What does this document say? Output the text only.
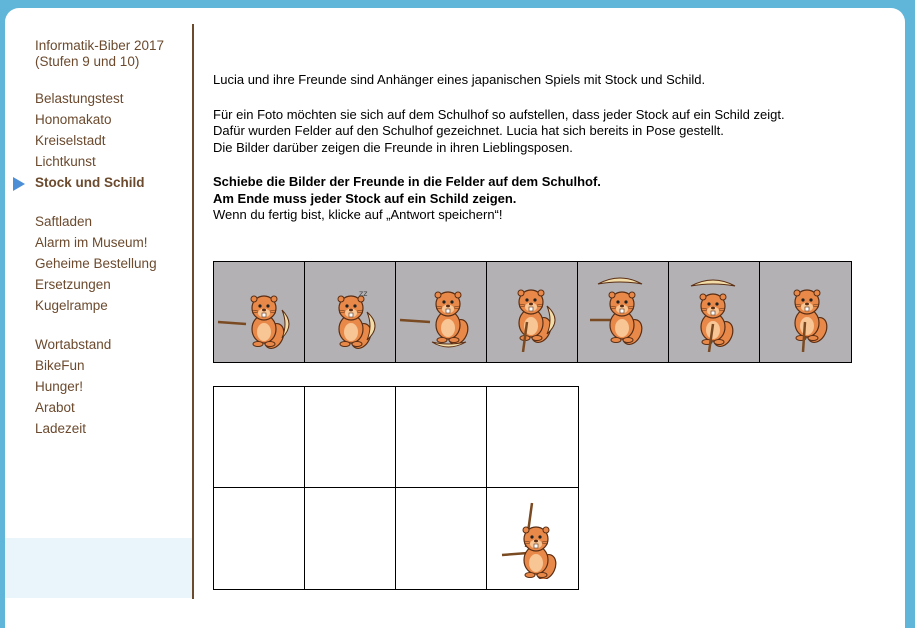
Informatik-Biber 2017
(Stufen 9 und 10)
Belastungstest
Honomakato
Kreiselstadt
Lichtkunst
Stock und Schild
Saftladen
Alarm im Museum!
Geheime Bestellung
Ersetzungen
Kugelrampe
Wortabstand
BikeFun
Hunger!
Arabot
Ladezeit

Lucia und ihre Freunde sind Anhänger eines japanischen Spiels mit Stock und Schild.

Für ein Foto möchten sie sich auf dem Schulhof so aufstellen, dass jeder Stock auf ein Schild zeigt.

Dafür wurden Felder auf den Schulhof gezeichnet. Lucia hat sich bereits in Pose gestellt.

Die Bilder darüber zeigen die Freunde in ihren Lieblingsposen.

Schiebe die Bilder der Freunde in die Felder auf dem Schulhof.

Am Ende muss jeder Stock auf ein Schild zeigen.

Wenn du fertig bist, klicke auf „Antwort speichern“!

zz
